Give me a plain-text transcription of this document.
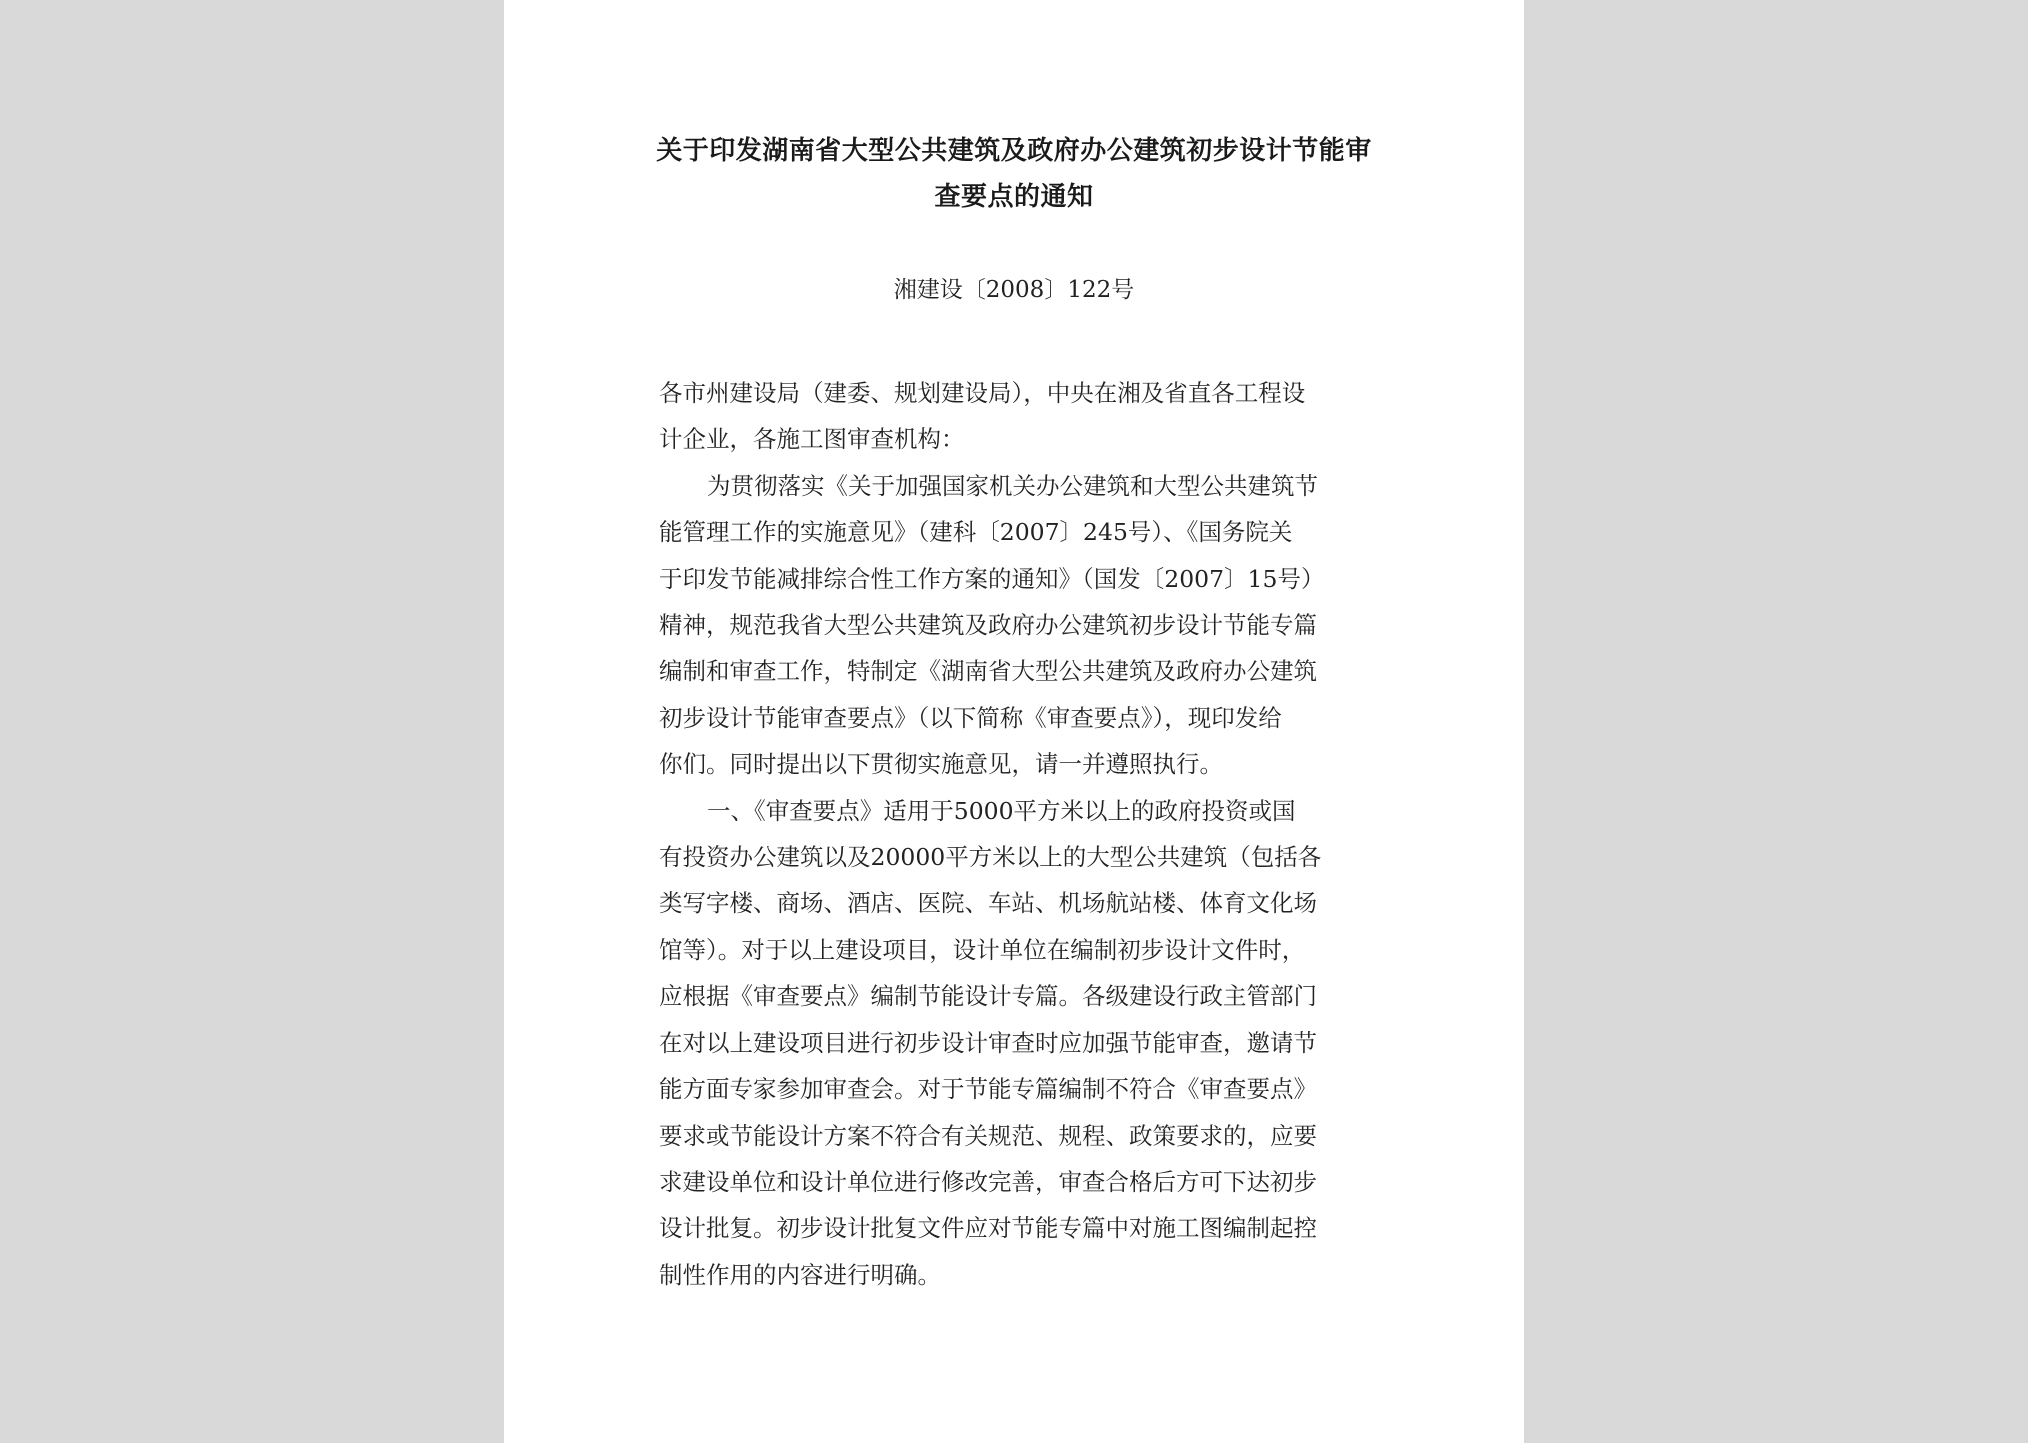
关于印发湖南省大型公共建筑及政府办公建筑初步设计节能审
查要点的通知
湘建设〔2008〕122号
各市州建设局（建委、规划建设局），中央在湘及省直各工程设
计企业，各施工图审查机构：
为贯彻落实《关于加强国家机关办公建筑和大型公共建筑节
能管理工作的实施意见》（建科〔2007〕245号）、《国务院关
于印发节能减排综合性工作方案的通知》（国发〔2007〕15号）
精神，规范我省大型公共建筑及政府办公建筑初步设计节能专篇
编制和审查工作，特制定《湖南省大型公共建筑及政府办公建筑
初步设计节能审查要点》（以下简称《审查要点》），现印发给
你们。同时提出以下贯彻实施意见，请一并遵照执行。
一、《审查要点》适用于5000平方米以上的政府投资或国
有投资办公建筑以及20000平方米以上的大型公共建筑（包括各
类写字楼、商场、酒店、医院、车站、机场航站楼、体育文化场
馆等）。对于以上建设项目，设计单位在编制初步设计文件时，
应根据《审查要点》编制节能设计专篇。各级建设行政主管部门
在对以上建设项目进行初步设计审查时应加强节能审查，邀请节
能方面专家参加审查会。对于节能专篇编制不符合《审查要点》
要求或节能设计方案不符合有关规范、规程、政策要求的，应要
求建设单位和设计单位进行修改完善，审查合格后方可下达初步
设计批复。初步设计批复文件应对节能专篇中对施工图编制起控
制性作用的内容进行明确。
